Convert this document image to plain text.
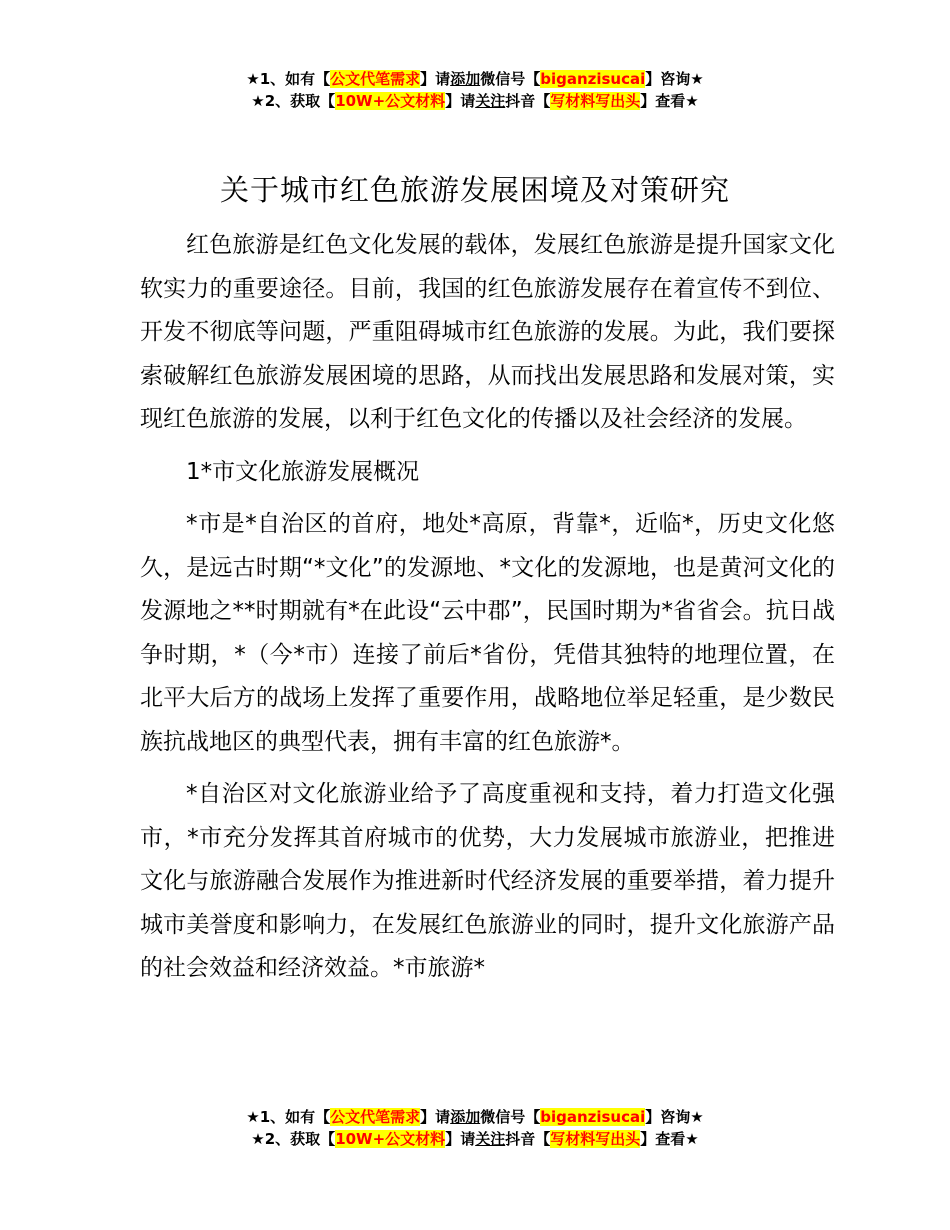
★1、如有【公文代笔需求】请添加微信号【biganzisucai】咨询★
★2、获取【10W+公文材料】请关注抖音【写材料写出头】查看★
关于城市红色旅游发展困境及对策研究

红色旅游是红色文化发展的载体，发展红色旅游是提升国家文化软实力的重要途径。目前，我国的红色旅游发展存在着宣传不到位、开发不彻底等问题，严重阻碍城市红色旅游的发展。为此，我们要探索破解红色旅游发展困境的思路，从而找出发展思路和发展对策，实现红色旅游的发展，以利于红色文化的传播以及社会经济的发展。

1*市文化旅游发展概况

*市是*自治区的首府，地处*高原，背靠*，近临*，历史文化悠久，是远古时期“*文化”的发源地、*文化的发源地，也是黄河文化的发源地之**时期就有*在此设“云中郡”，民国时期为*省省会。抗日战争时期，*（今*市）连接了前后*省份，凭借其独特的地理位置，在北平大后方的战场上发挥了重要作用，战略地位举足轻重，是少数民族抗战地区的典型代表，拥有丰富的红色旅游*。

*自治区对文化旅游业给予了高度重视和支持，着力打造文化强市，*市充分发挥其首府城市的优势，大力发展城市旅游业，把推进文化与旅游融合发展作为推进新时代经济发展的重要举措，着力提升城市美誉度和影响力，在发展红色旅游业的同时，提升文化旅游产品的社会效益和经济效益。*市旅游*

★1、如有【公文代笔需求】请添加微信号【biganzisucai】咨询★
★2、获取【10W+公文材料】请关注抖音【写材料写出头】查看★
